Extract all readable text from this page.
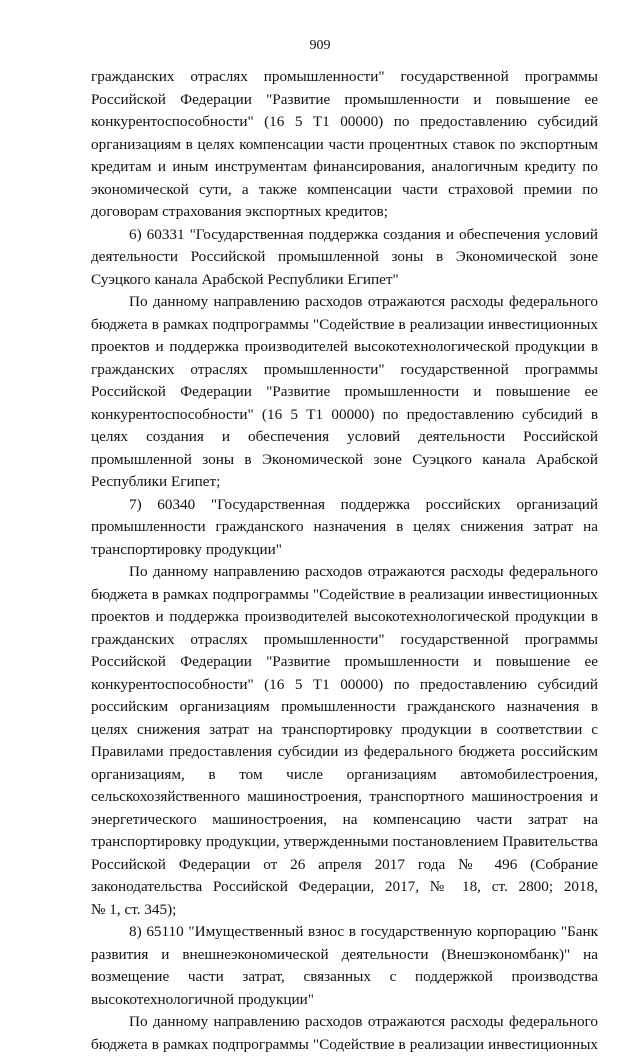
909
гражданских отраслях промышленности" государственной программы
Российской Федерации "Развитие промышленности и повышение ее
конкурентоспособности" (16 5 Т1 00000) по предоставлению субсидий
организациям в целях компенсации части процентных ставок по экспортным
кредитам и иным инструментам финансирования, аналогичным кредиту по
экономической сути, а также компенсации части страховой премии по
договорам страхования экспортных кредитов;
6) 60331 "Государственная поддержка создания и обеспечения условий
деятельности Российской промышленной зоны в Экономической зоне
Суэцкого канала Арабской Республики Египет"
По данному направлению расходов отражаются расходы федерального
бюджета в рамках подпрограммы "Содействие в реализации инвестиционных
проектов и поддержка производителей высокотехнологической продукции в
гражданских отраслях промышленности" государственной программы
Российской Федерации "Развитие промышленности и повышение ее
конкурентоспособности" (16 5 Т1 00000) по предоставлению субсидий в
целях создания и обеспечения условий деятельности Российской
промышленной зоны в Экономической зоне Суэцкого канала Арабской
Республики Египет;
7) 60340 "Государственная поддержка российских организаций
промышленности гражданского назначения в целях снижения затрат на
транспортировку продукции"
По данному направлению расходов отражаются расходы федерального
бюджета в рамках подпрограммы "Содействие в реализации инвестиционных
проектов и поддержка производителей высокотехнологической продукции в
гражданских отраслях промышленности" государственной программы
Российской Федерации "Развитие промышленности и повышение ее
конкурентоспособности" (16 5 Т1 00000) по предоставлению субсидий
российским организациям промышленности гражданского назначения в
целях снижения затрат на транспортировку продукции в соответствии с
Правилами предоставления субсидии из федерального бюджета российским
организациям, в том числе организациям автомобилестроения,
сельскохозяйственного машиностроения, транспортного машиностроения и
энергетического машиностроения, на компенсацию части затрат на
транспортировку продукции, утвержденными постановлением Правительства
Российской Федерации от 26 апреля 2017 года № 496 (Собрание
законодательства Российской Федерации, 2017, № 18, ст. 2800; 2018,
№ 1, ст. 345);
8) 65110 "Имущественный взнос в государственную корпорацию "Банк
развития и внешнеэкономической деятельности (Внешэкономбанк)" на
возмещение части затрат, связанных с поддержкой производства
высокотехнологичной продукции"
По данному направлению расходов отражаются расходы федерального
бюджета в рамках подпрограммы "Содействие в реализации инвестиционных
